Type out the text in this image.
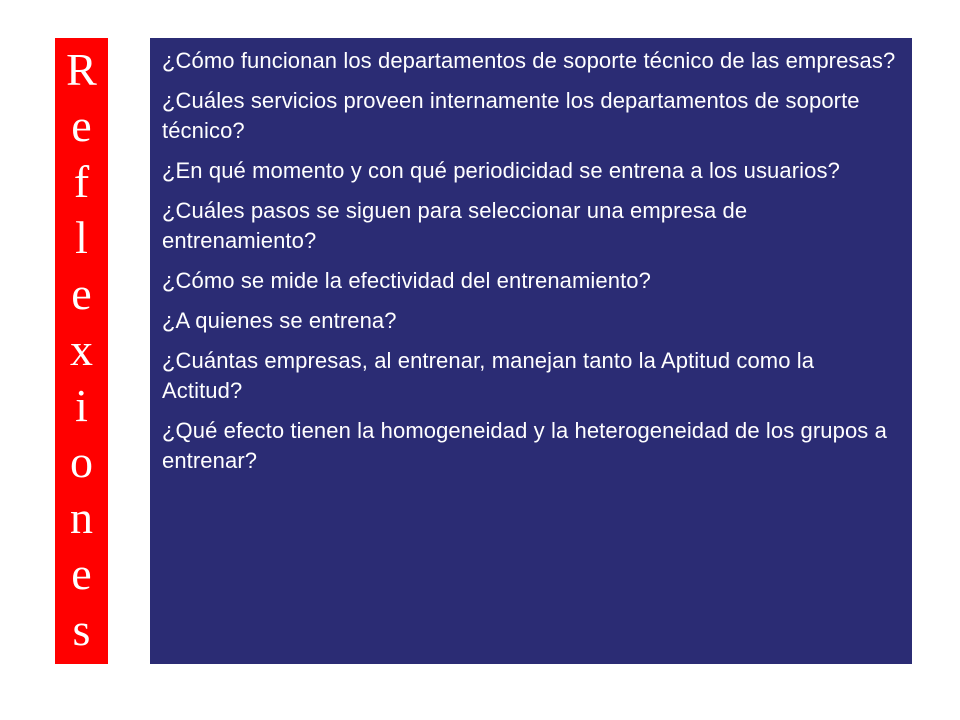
R
e
f
l
e
x
i
o
n
e
s
¿Cómo funcionan los departamentos de soporte técnico de las empresas?
¿Cuáles servicios proveen internamente los departamentos de soporte técnico?
¿En qué momento y con qué periodicidad se entrena a los usuarios?
¿Cuáles pasos se siguen para seleccionar una empresa de entrenamiento?
¿Cómo se mide la efectividad del entrenamiento?
¿A quienes se entrena?
¿Cuántas empresas, al entrenar, manejan tanto la Aptitud como la Actitud?
¿Qué efecto tienen la homogeneidad y la heterogeneidad de los grupos a entrenar?
